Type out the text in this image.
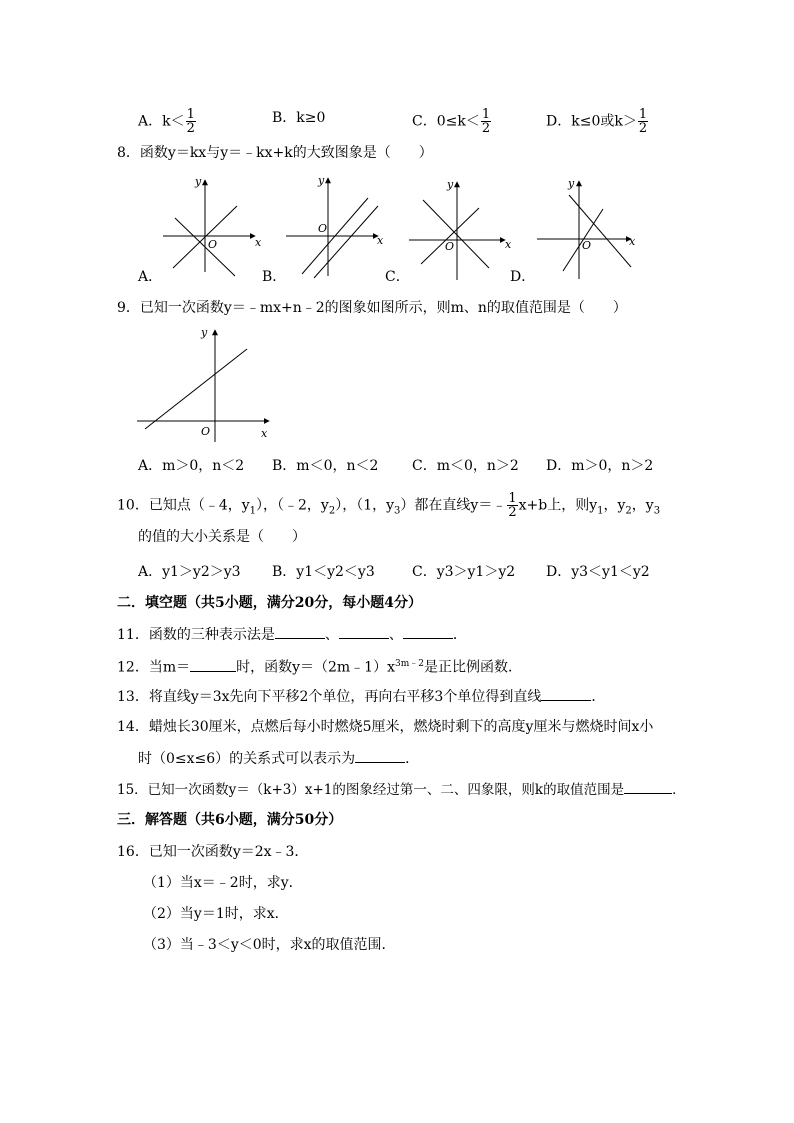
A．$k< \frac{1}{2}$	B．k≥0	C．$0\le k< \frac{1}{2}$	D．k≤0或$k> \frac{1}{2}$
8．函数y＝kx与y＝﹣kx+k的大致图象是（　　）
y
x
O
A．
y
x
O
B．
y
x
O
C．
y
x
O
D．
9．已知一次函数y＝﹣mx+n﹣2的图象如图所示，则m、n的取值范围是（　　）
y
x
O
A．m＞0，n＜2 B．m＜0，n＜2 C．m＜0，n＞2 D．m＞0，n＞2
10．已知点（﹣4，$y_1$），（﹣2，$y_2$），（1，$y_3$）都在直线y＝﹣ $\frac{1}{2} x+b$上，则$y_1$，$y_2$，$y_3$
的值的大小关系是（　　）
A．y1＞y2＞y3 B．y1＜y2＜y3	C．y3＞y1＞y2 D．y3＜y1＜y2
二．填空题（共5小题，满分20分，每小题4分）
11．函数的三种表示法是	、	、	．
12．当m＝	时，函数$y=(2m﹣1)x^{3m﹣2}$是正比例函数．
13．将直线y＝3x先向下平移2个单位，再向右平移3个单位得到直线	．
14．蜡烛长30厘米，点燃后每小时燃烧5厘米，燃烧时剩下的高度y厘米与燃烧时间x小
时（0≤x≤6）的关系式可以表示为	．
15．已知一次函数y＝（k+3）x+1的图象经过第一、二、四象限，则k的取值范围是	．
三．解答题（共6小题，满分50分）
16．已知一次函数y＝2x﹣3．
（1）当x＝﹣2时，求y．
（2）当y＝1时，求x．
（3）当﹣3＜y＜0时，求x的取值范围．
